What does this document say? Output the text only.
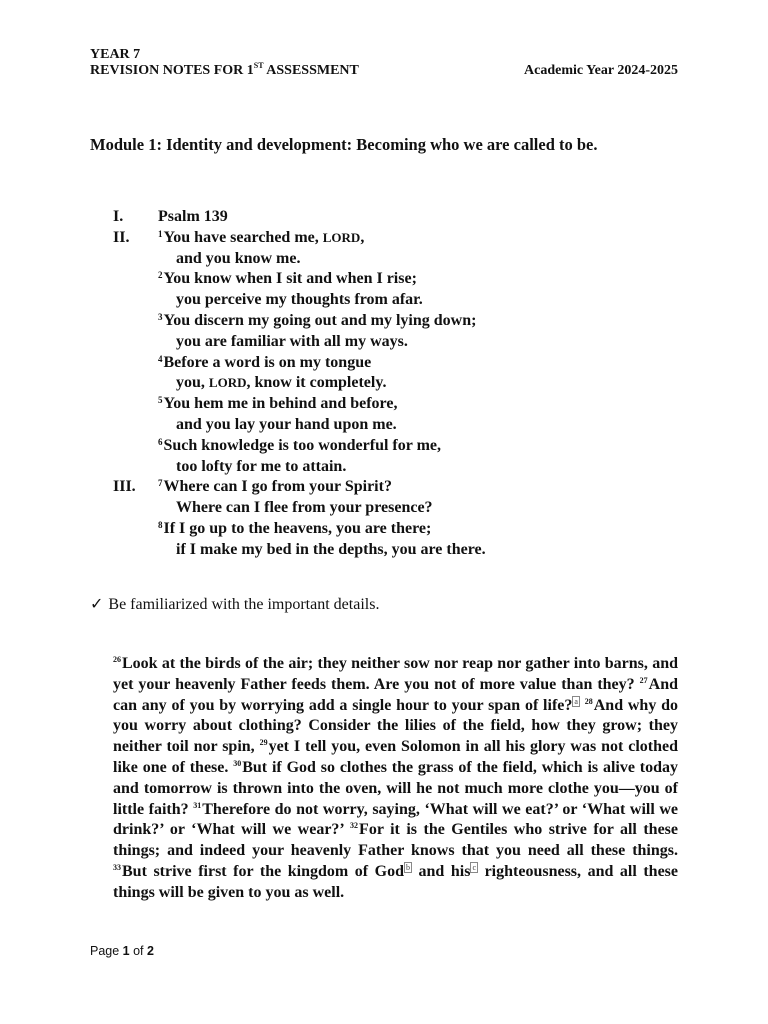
YEAR 7
REVISION NOTES FOR 1ST ASSESSMENT	Academic Year 2024-2025
Module 1: Identity and development: Becoming who we are called to be.
I. Psalm 139
II.	$^1$You have searched me, LORD,
and you know me.
$^2$You know when I sit and when I rise;
you perceive my thoughts from afar.
$^3$You discern my going out and my lying down;
you are familiar with all my ways.
$^4$Before a word is on my tongue
you, LORD, know it completely.
$^5$You hem me in behind and before,
and you lay your hand upon me.
$^6$Such knowledge is too wonderful for me,
too lofty for me to attain.
III. $^7$Where can I go from your Spirit?
Where can I flee from your presence?
$^8$If I go up to the heavens, you are there;
if I make my bed in the depths, you are there.
✓ Be familiarized with the important details.
$^{26}$Look at the birds of the air; they neither sow nor reap nor gather into barns, and yet your heavenly Father feeds them. Are you not of more value than they? $^{27}$And can any of you by worrying add a single hour to your span of life? $^a$ $^{28}$And why do you worry about clothing? Consider the lilies of the field, how they grow; they neither toil nor spin, $^{29}$yet I tell you, even Solomon in all his glory was not clothed like one of these. $^{30}$But if God so clothes the grass of the field, which is alive today and tomorrow is thrown into the oven, will he not much more clothe you—you of little faith? $^{31}$Therefore do not worry, saying, ‘What will we eat?’ or ‘What will we drink?’ or ‘What will we wear?’ $^{32}$For it is the Gentiles who strive for all these things; and indeed your heavenly Father knows that you need all these things. $^{33}$But strive first for the kingdom of God $^b$ and his $^c$ righteousness, and all these things will be given to you as well.
Page 1 of 2
